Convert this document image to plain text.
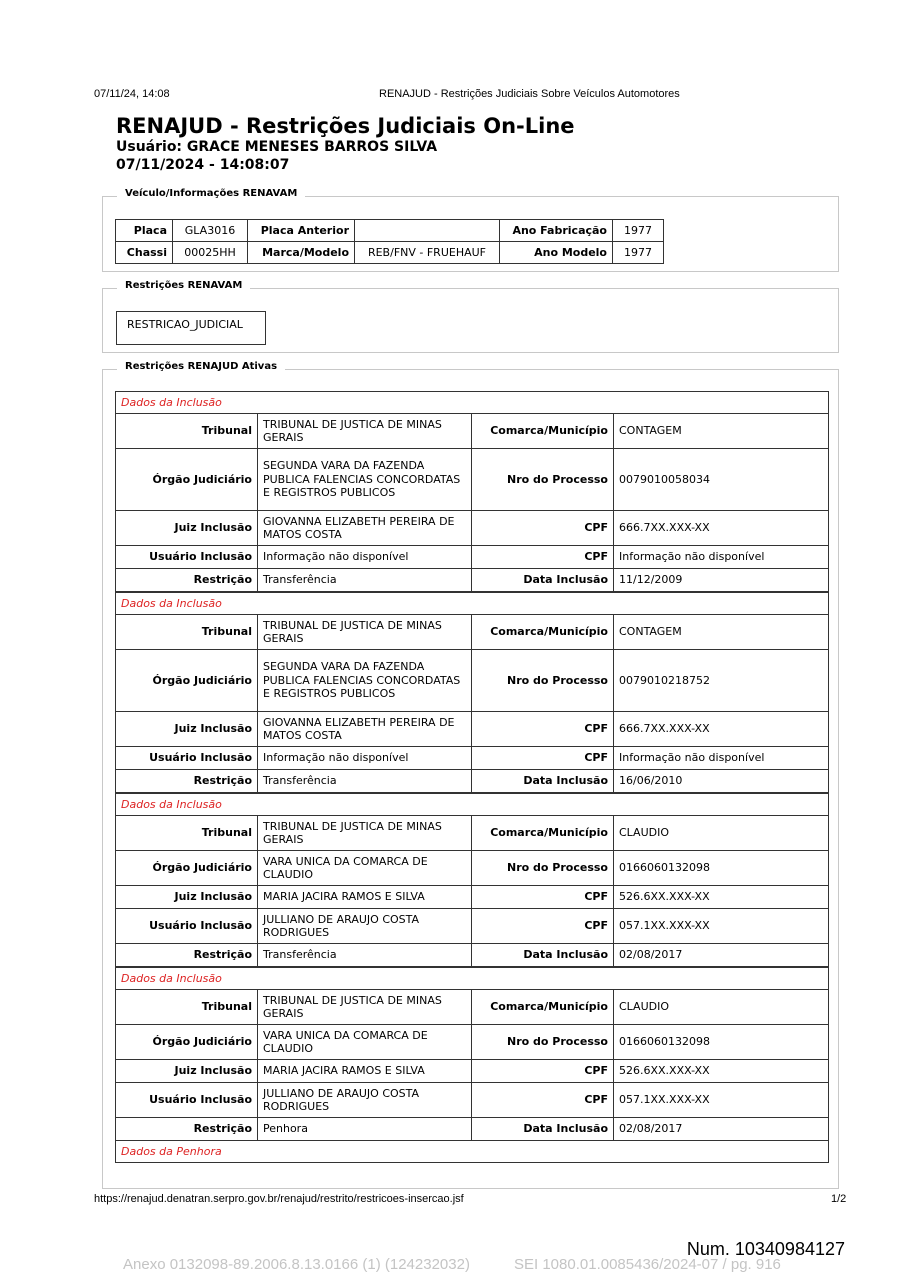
07/11/24, 14:08	RENAJUD - Restrições Judiciais Sobre Veículos Automotores
RENAJUD - Restrições Judiciais On-Line
Usuário: GRACE MENESES BARROS SILVA
07/11/2024 - 14:08:07
Veículo/Informações RENAVAM
Placa	GLA3016	Placa Anterior		Ano Fabricação	1977
Chassi	00025HH	Marca/Modelo	REB/FNV - FRUEHAUF	Ano Modelo	1977
Restrições RENAVAM
RESTRICAO_JUDICIAL
Restrições RENAJUD Ativas
Dados da Inclusão			
Tribunal	TRIBUNAL DE JUSTICA DE MINAS GERAIS	Comarca/Município	CONTAGEM
Órgão Judiciário	SEGUNDA VARA DA FAZENDA PUBLICA FALENCIAS CONCORDATAS E REGISTROS PUBLICOS	Nro do Processo	0079010058034
Juiz Inclusão	GIOVANNA ELIZABETH PEREIRA DE MATOS COSTA	CPF	666.7XX.XXX-XX
Usuário Inclusão	Informação não disponível	CPF	Informação não disponível
Restrição	Transferência	Data Inclusão	11/12/2009
Dados da Inclusão			
Tribunal	TRIBUNAL DE JUSTICA DE MINAS GERAIS	Comarca/Município	CONTAGEM
Órgão Judiciário	SEGUNDA VARA DA FAZENDA PUBLICA FALENCIAS CONCORDATAS E REGISTROS PUBLICOS	Nro do Processo	0079010218752
Juiz Inclusão	GIOVANNA ELIZABETH PEREIRA DE MATOS COSTA	CPF	666.7XX.XXX-XX
Usuário Inclusão	Informação não disponível	CPF	Informação não disponível
Restrição	Transferência	Data Inclusão	16/06/2010
Dados da Inclusão			
Tribunal	TRIBUNAL DE JUSTICA DE MINAS GERAIS	Comarca/Município	CLAUDIO
Órgão Judiciário	VARA UNICA DA COMARCA DE CLAUDIO	Nro do Processo	0166060132098
Juiz Inclusão	MARIA JACIRA RAMOS E SILVA	CPF	526.6XX.XXX-XX
Usuário Inclusão	JULLIANO DE ARAUJO COSTA RODRIGUES	CPF	057.1XX.XXX-XX
Restrição	Transferência	Data Inclusão	02/08/2017
Dados da Inclusão			
Tribunal	TRIBUNAL DE JUSTICA DE MINAS GERAIS	Comarca/Município	CLAUDIO
Órgão Judiciário	VARA UNICA DA COMARCA DE CLAUDIO	Nro do Processo	0166060132098
Juiz Inclusão	MARIA JACIRA RAMOS E SILVA	CPF	526.6XX.XXX-XX
Usuário Inclusão	JULLIANO DE ARAUJO COSTA RODRIGUES	CPF	057.1XX.XXX-XX
Restrição	Penhora	Data Inclusão	02/08/2017
Dados da Penhora			
https://renajud.denatran.serpro.gov.br/renajud/restrito/restricoes-insercao.jsf	1/2
Num. 10340984127
Anexo 0132098-89.2006.8.13.0166 (1) (124232032)	SEI 1080.01.0085436/2024-07 / pg. 916
